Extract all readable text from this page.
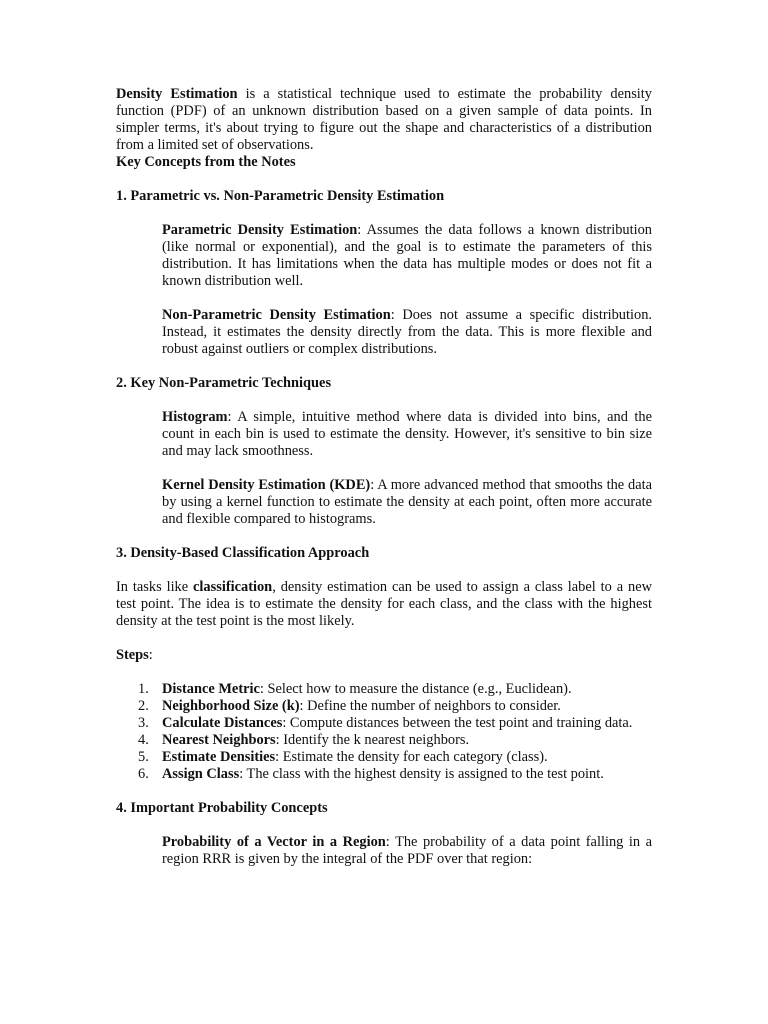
Density Estimation is a statistical technique used to estimate the probability density function (PDF) of an unknown distribution based on a given sample of data points. In simpler terms, it's about trying to figure out the shape and characteristics of a distribution from a limited set of observations.

Key Concepts from the Notes

1. Parametric vs. Non-Parametric Density Estimation

Parametric Density Estimation: Assumes the data follows a known distribution (like normal or exponential), and the goal is to estimate the parameters of this distribution. It has limitations when the data has multiple modes or does not fit a known distribution well.

Non-Parametric Density Estimation: Does not assume a specific distribution. Instead, it estimates the density directly from the data. This is more flexible and robust against outliers or complex distributions.

2. Key Non-Parametric Techniques

Histogram: A simple, intuitive method where data is divided into bins, and the count in each bin is used to estimate the density. However, it's sensitive to bin size and may lack smoothness.

Kernel Density Estimation (KDE): A more advanced method that smooths the data by using a kernel function to estimate the density at each point, often more accurate and flexible compared to histograms.

3. Density-Based Classification Approach

In tasks like classification, density estimation can be used to assign a class label to a new test point. The idea is to estimate the density for each class, and the class with the highest density at the test point is the most likely.

Steps:

1. Distance Metric: Select how to measure the distance (e.g., Euclidean).
2. Neighborhood Size (k): Define the number of neighbors to consider.
3. Calculate Distances: Compute distances between the test point and training data.
4. Nearest Neighbors: Identify the k nearest neighbors.
5. Estimate Densities: Estimate the density for each category (class).
6. Assign Class: The class with the highest density is assigned to the test point.

4. Important Probability Concepts

Probability of a Vector in a Region: The probability of a data point falling in a region RRR is given by the integral of the PDF over that region:
